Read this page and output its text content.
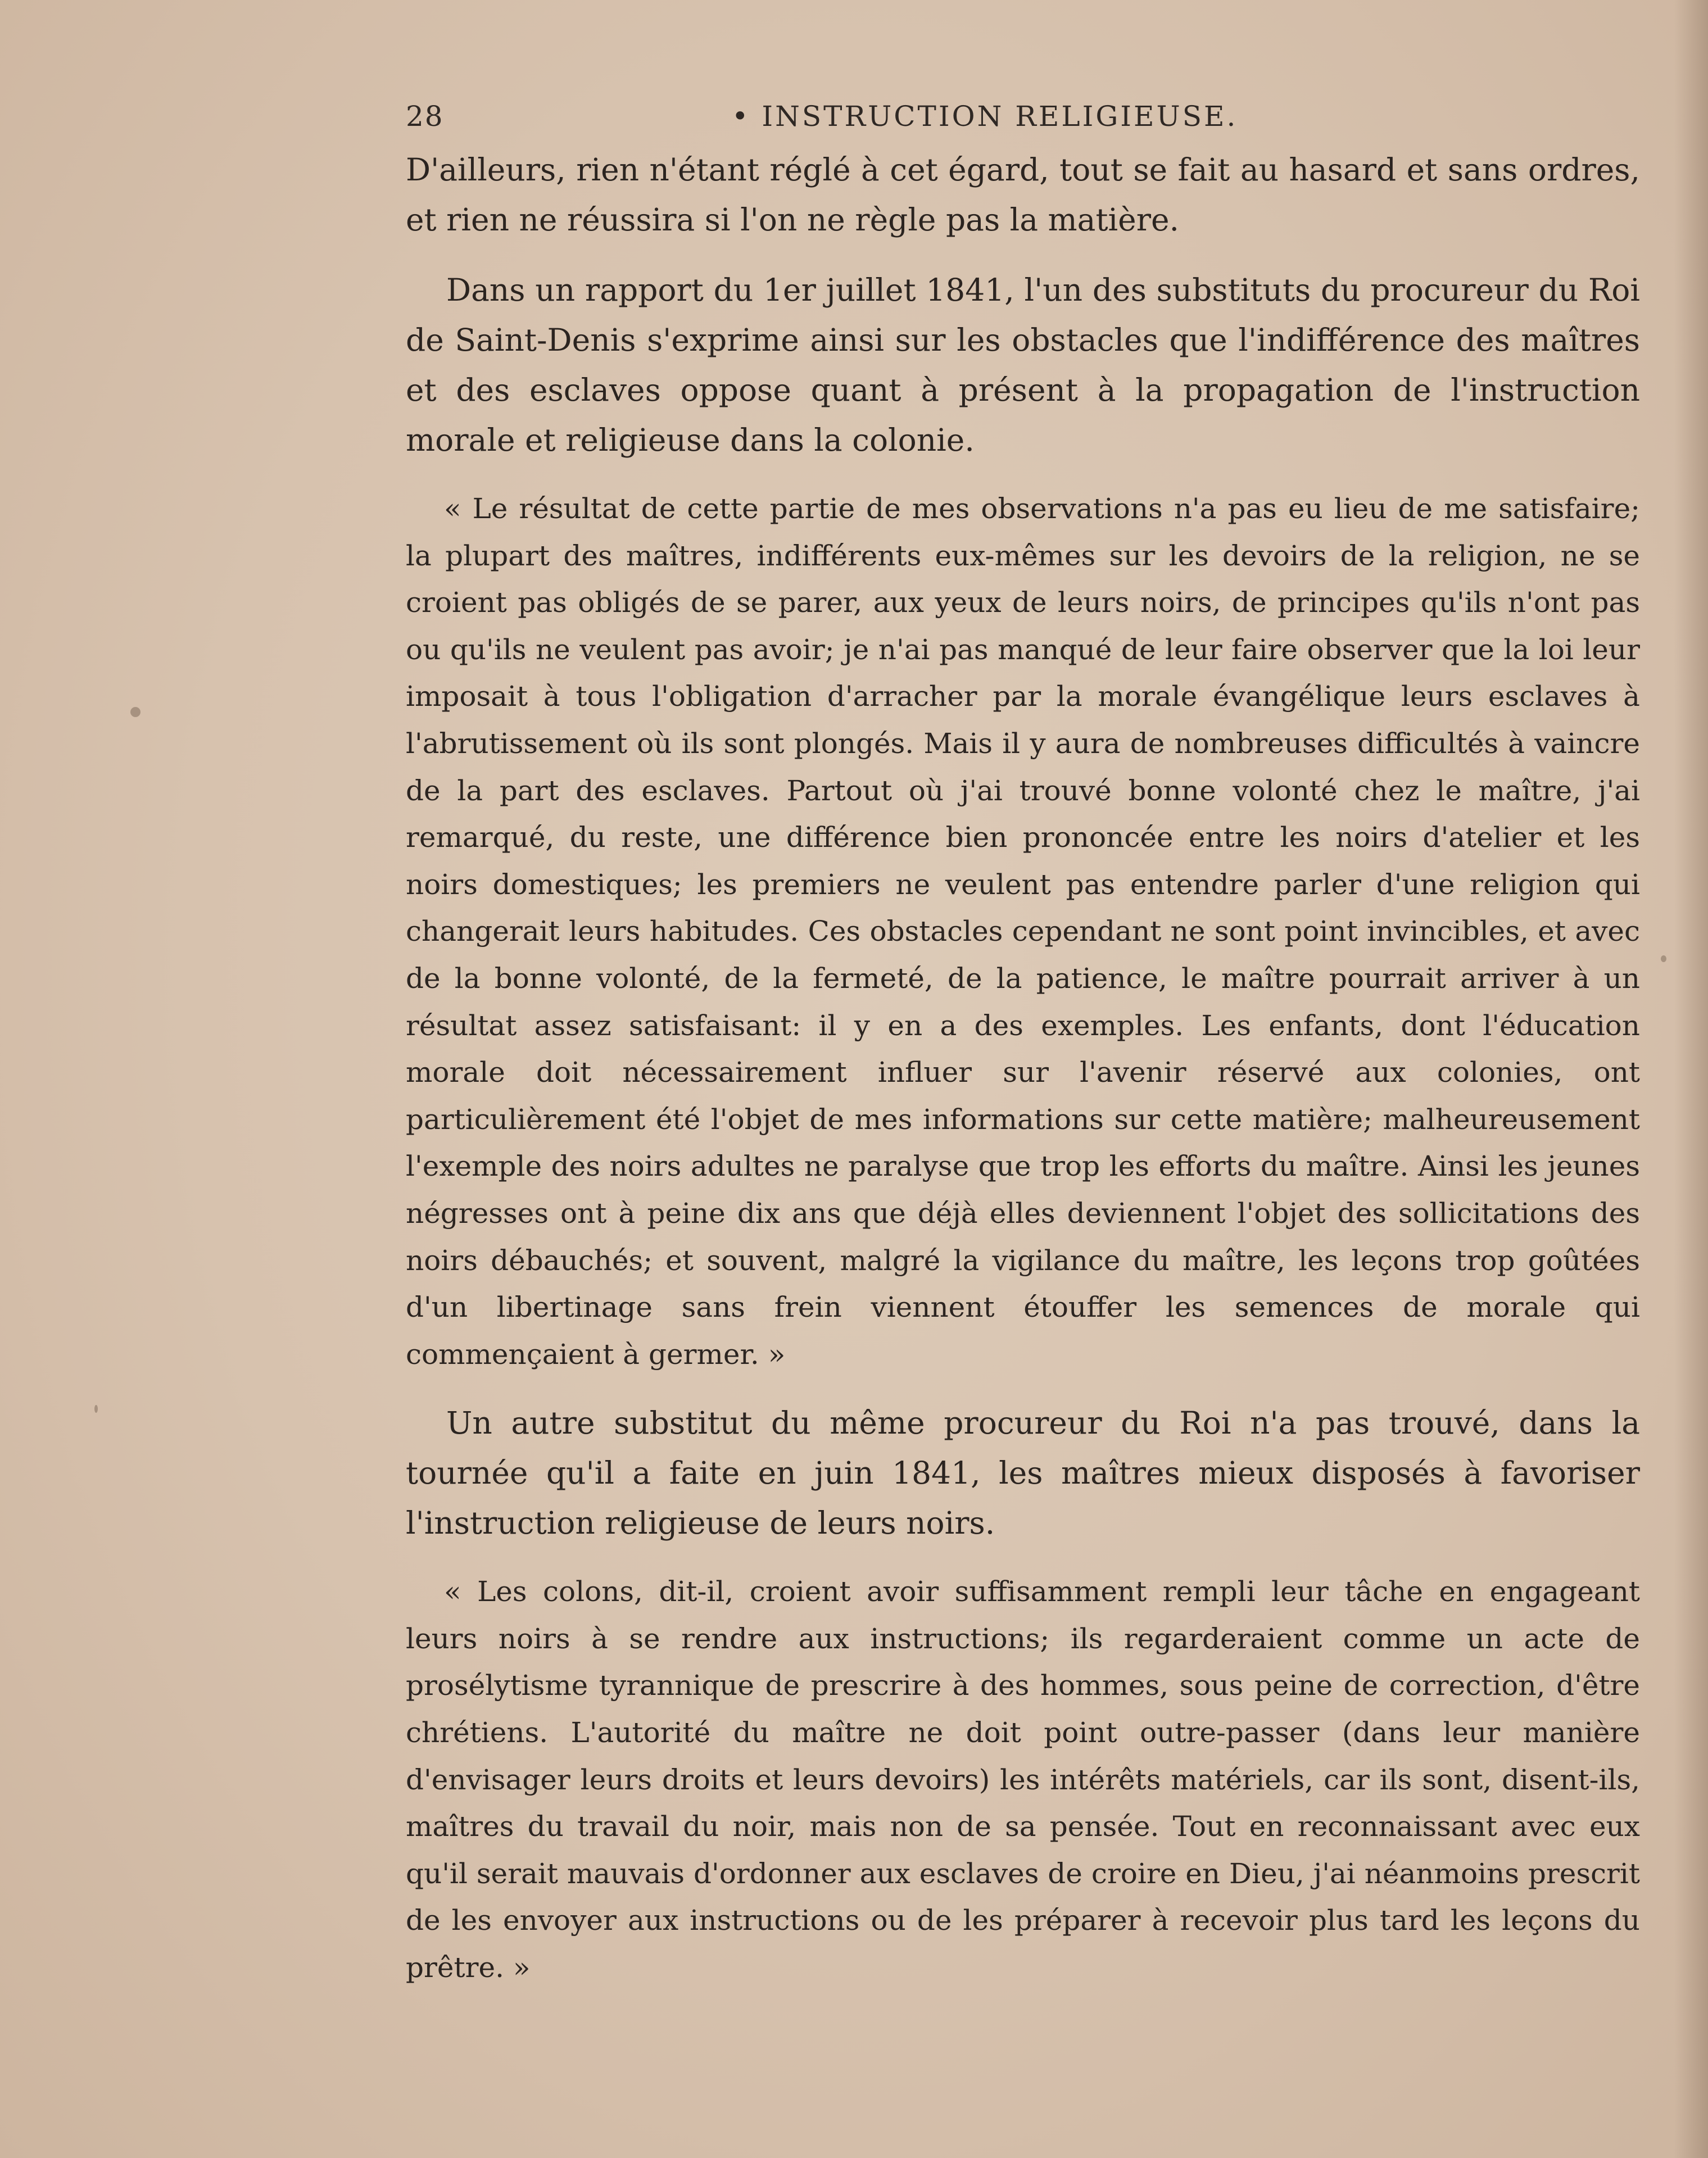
28	• INSTRUCTION RELIGIEUSE.

D'ailleurs, rien n'étant réglé à cet égard, tout se fait au hasard et sans ordres, et rien ne réussira si l'on ne règle pas la matière.

Dans un rapport du 1er juillet 1841, l'un des substituts du procureur du Roi de Saint-Denis s'exprime ainsi sur les obstacles que l'indifférence des maîtres et des esclaves oppose quant à présent à la propagation de l'instruction morale et religieuse dans la colonie.

« Le résultat de cette partie de mes observations n'a pas eu lieu de me satisfaire; la plupart des maîtres, indifférents eux-mêmes sur les devoirs de la religion, ne se croient pas obligés de se parer, aux yeux de leurs noirs, de principes qu'ils n'ont pas ou qu'ils ne veulent pas avoir; je n'ai pas manqué de leur faire observer que la loi leur imposait à tous l'obligation d'arracher par la morale évangélique leurs esclaves à l'abrutissement où ils sont plongés. Mais il y aura de nombreuses difficultés à vaincre de la part des esclaves. Partout où j'ai trouvé bonne volonté chez le maître, j'ai remarqué, du reste, une différence bien prononcée entre les noirs d'atelier et les noirs domestiques; les premiers ne veulent pas entendre parler d'une religion qui changerait leurs habitudes. Ces obstacles cependant ne sont point invincibles, et avec de la bonne volonté, de la fermeté, de la patience, le maître pourrait arriver à un résultat assez satisfaisant: il y en a des exemples. Les enfants, dont l'éducation morale doit nécessairement influer sur l'avenir réservé aux colonies, ont particulièrement été l'objet de mes informations sur cette matière; malheureusement l'exemple des noirs adultes ne paralyse que trop les efforts du maître. Ainsi les jeunes négresses ont à peine dix ans que déjà elles deviennent l'objet des sollicitations des noirs débauchés; et souvent, malgré la vigilance du maître, les leçons trop goûtées d'un libertinage sans frein viennent étouffer les semences de morale qui commençaient à germer. »

Un autre substitut du même procureur du Roi n'a pas trouvé, dans la tournée qu'il a faite en juin 1841, les maîtres mieux disposés à favoriser l'instruction religieuse de leurs noirs.

« Les colons, dit-il, croient avoir suffisamment rempli leur tâche en engageant leurs noirs à se rendre aux instructions; ils regarderaient comme un acte de prosélytisme tyrannique de prescrire à des hommes, sous peine de correction, d'être chrétiens. L'autorité du maître ne doit point outre-passer (dans leur manière d'envisager leurs droits et leurs devoirs) les intérêts matériels, car ils sont, disent-ils, maîtres du travail du noir, mais non de sa pensée. Tout en reconnaissant avec eux qu'il serait mauvais d'ordonner aux esclaves de croire en Dieu, j'ai néanmoins prescrit de les envoyer aux instructions ou de les préparer à recevoir plus tard les leçons du prêtre. »
